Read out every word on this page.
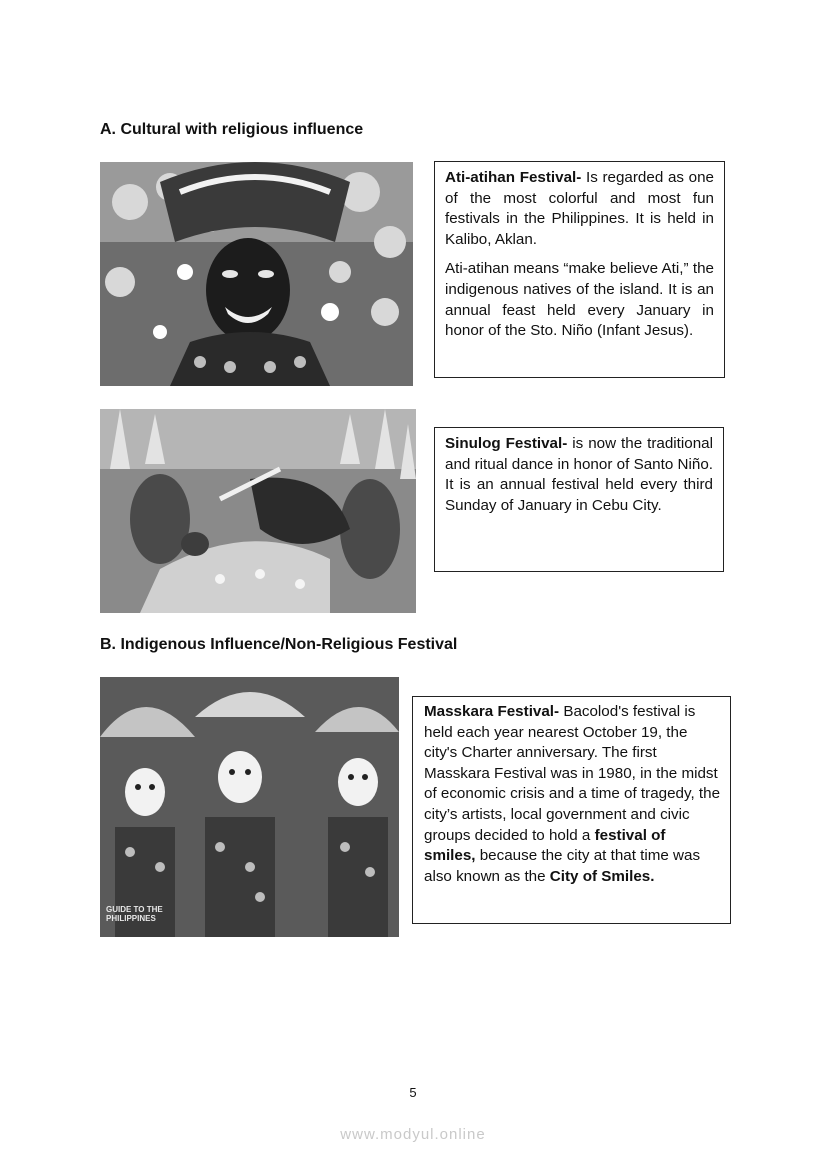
A. Cultural with religious influence

Ati-atihan Festival- Is regarded as one of the most colorful and most fun festivals in the Philippines. It is held in Kalibo, Aklan.

Ati-atihan means “make believe Ati,” the indigenous natives of the island. It is an annual feast held every January in honor of the Sto. Niño (Infant Jesus).

Sinulog Festival- is now the traditional and ritual dance in honor of Santo Niño. It is an annual festival held every third Sunday of January in Cebu City.

B. Indigenous Influence/Non-Religious Festival
GUIDE TO THE
PHILIPPINES

Masskara Festival- Bacolod's festival is held each year nearest October 19, the city's Charter anniversary. The first Masskara Festival was in 1980, in the midst of economic crisis and a time of tragedy, the city’s artists, local government and civic groups decided to hold a festival of smiles, because the city at that time was also known as the City of Smiles.

5
www.modyul.online
